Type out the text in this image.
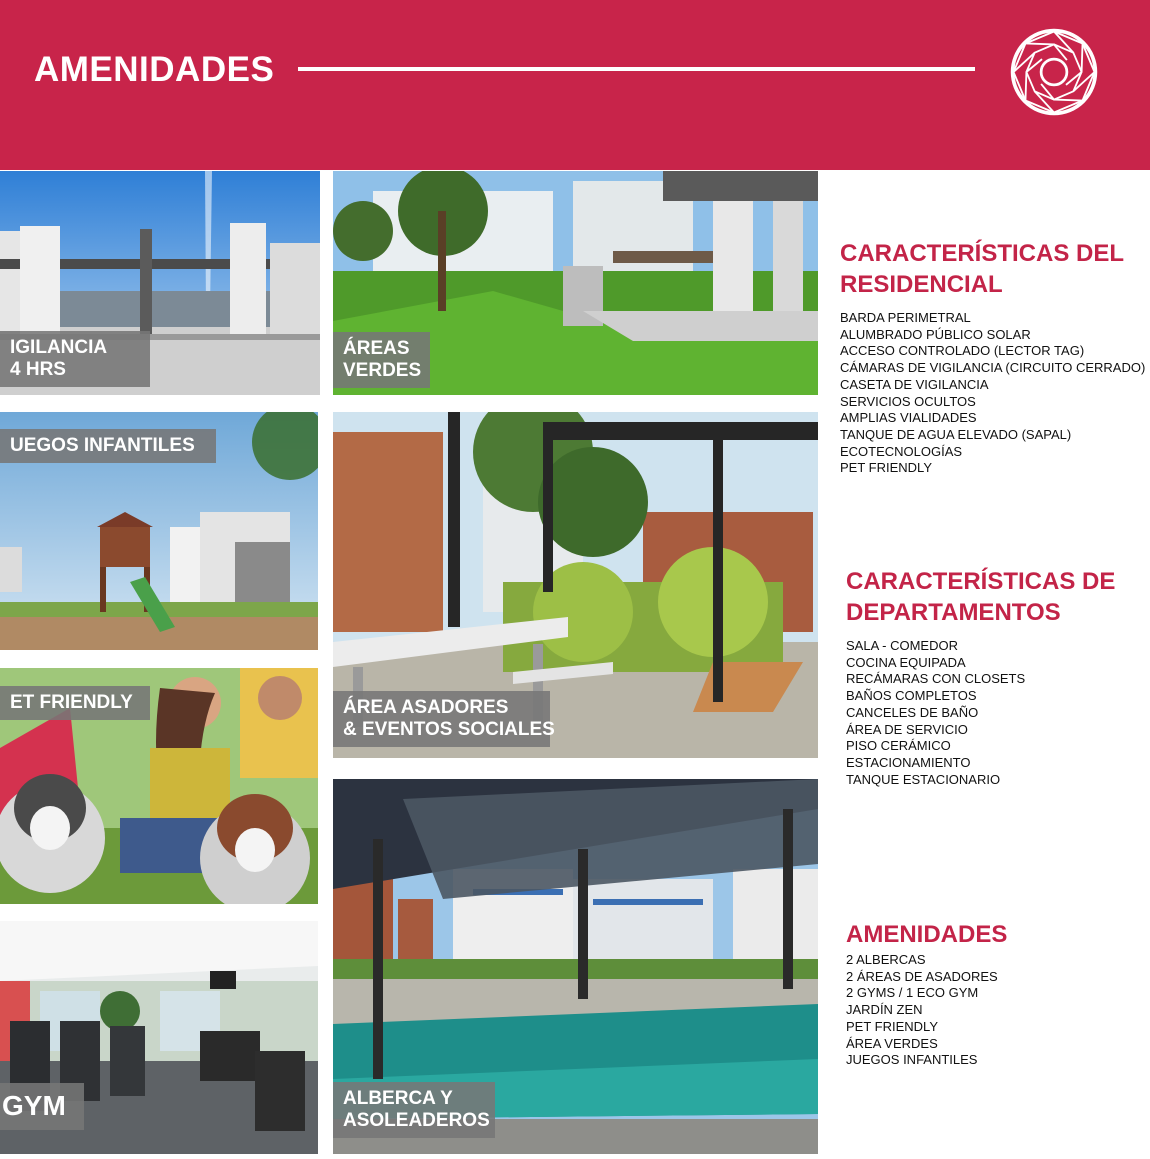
AMENIDADES
IGILANCIA
4 HRS
ÁREAS
VERDES
UEGOS INFANTILES
ÁREA ASADORES
& EVENTOS SOCIALES
ET FRIENDLY
GYM	ALBERCA Y
ASOLEADEROS
CARACTERÍSTICAS DEL
RESIDENCIAL
BARDA PERIMETRAL
ALUMBRADO PÚBLICO SOLAR
ACCESO CONTROLADO (LECTOR TAG)
CÁMARAS DE VIGILANCIA (CIRCUITO CERRADO)
CASETA DE VIGILANCIA
SERVICIOS OCULTOS
AMPLIAS VIALIDADES
TANQUE DE AGUA ELEVADO (SAPAL)
ECOTECNOLOGÍAS
PET FRIENDLY
CARACTERÍSTICAS DE
DEPARTAMENTOS
SALA - COMEDOR
COCINA EQUIPADA
RECÁMARAS CON CLOSETS
BAÑOS COMPLETOS
CANCELES DE BAÑO
ÁREA DE SERVICIO
PISO CERÁMICO
ESTACIONAMIENTO
TANQUE ESTACIONARIO
AMENIDADES
2 ALBERCAS
2 ÁREAS DE ASADORES
2 GYMS / 1 ECO GYM
JARDÍN ZEN
PET FRIENDLY
ÁREA VERDES
JUEGOS INFANTILES
